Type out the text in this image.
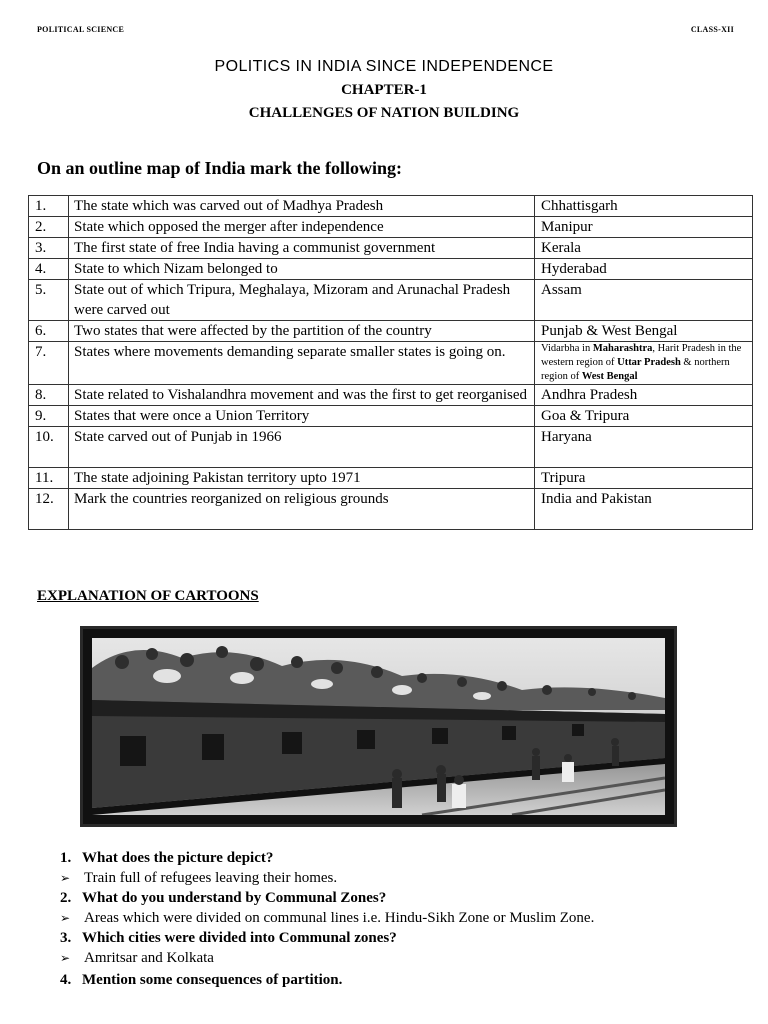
POLITICAL SCIENCE	CLASS-XII
POLITICS IN INDIA SINCE INDEPENDENCE
CHAPTER-1
CHALLENGES OF NATION BUILDING
On an outline map of India mark the following:
1.	The state which was carved out of Madhya Pradesh	Chhattisgarh
2.	State which opposed the merger after independence	Manipur
3.	The first state of free India having a communist government	Kerala
4.	State to which Nizam belonged to	Hyderabad
5.	State out of which Tripura, Meghalaya, Mizoram and Arunachal Pradesh were carved out	Assam
6.	Two states that were affected by the partition of the country	Punjab & West Bengal
7.	States where movements demanding separate smaller states is going on.	Vidarbha in Maharashtra, Harit Pradesh in the western region of Uttar Pradesh & northern region of West Bengal
8.	State related to Vishalandhra movement and was the first to get reorganised	Andhra Pradesh
9.	States that were once a Union Territory	Goa & Tripura
10.	State carved out of Punjab in 1966	Haryana
11.	The state adjoining Pakistan territory upto 1971	Tripura
12.	Mark the countries reorganized on religious grounds	India and Pakistan
EXPLANATION OF CARTOONS
1. What does the picture depict?
➢ Train full of refugees leaving their homes.
2. What do you understand by Communal Zones?
➢ Areas which were divided on communal lines i.e. Hindu-Sikh Zone or Muslim Zone.
3. Which cities were divided into Communal zones?
➢ Amritsar and Kolkata
4. Mention some consequences of partition.
